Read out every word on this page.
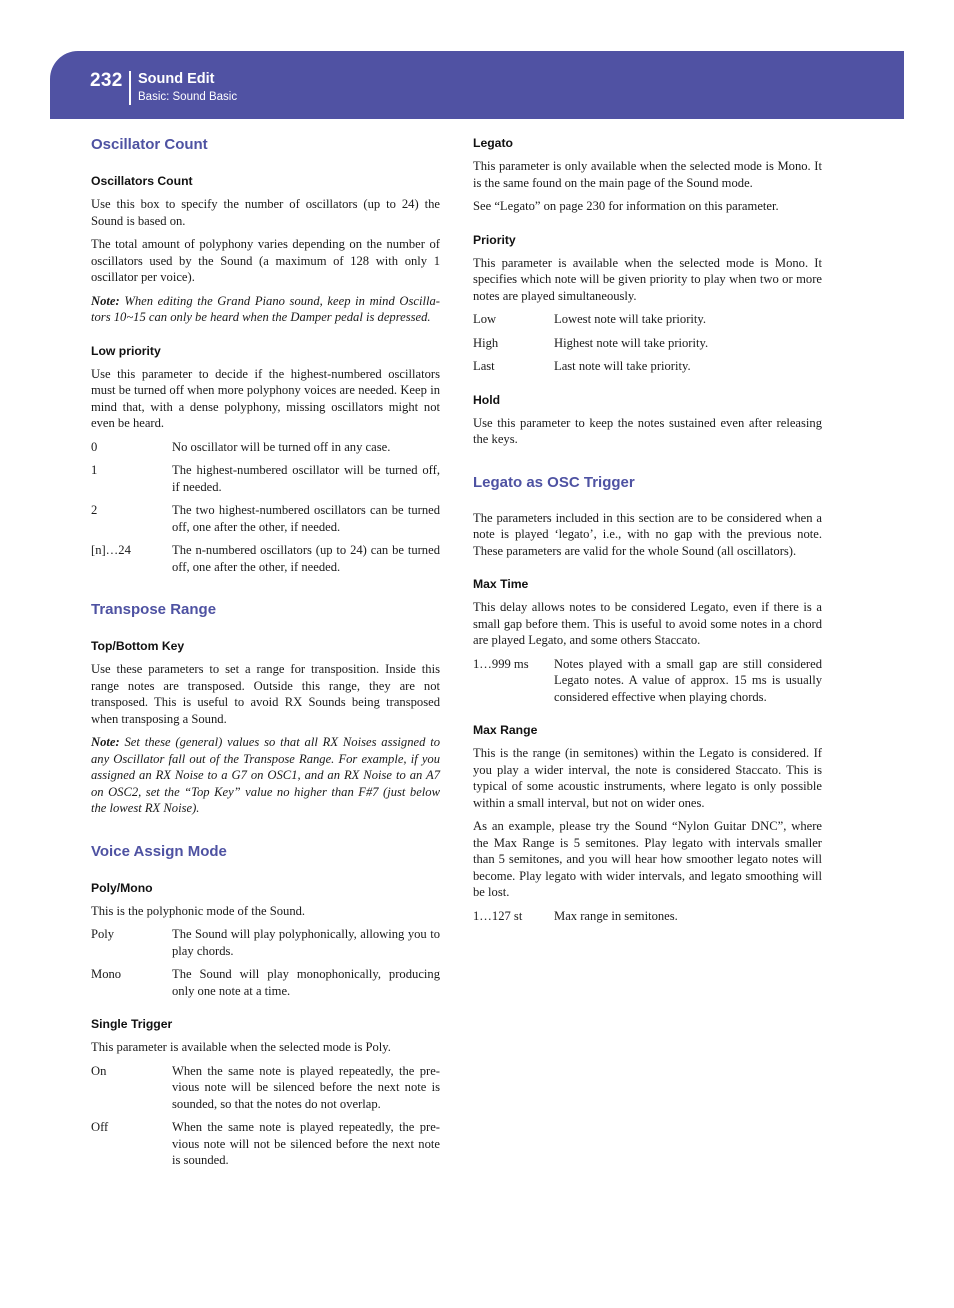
232 Sound Edit
Basic: Sound Basic
Oscillator Count
Oscillators Count

Use this box to specify the number of oscillators (up to 24) the Sound is based on.

The total amount of polyphony varies depending on the number of oscillators used by the Sound (a maximum of 128 with only 1 oscillator per voice).

Note: When editing the Grand Piano sound, keep in mind Oscillators 10~15 can only be heard when the Damper pedal is depressed.

Low priority

Use this parameter to decide if the highest-numbered oscillators must be turned off when more polyphony voices are needed. Keep in mind that, with a dense polyphony, missing oscillators might not even be heard.

0	No oscillator will be turned off in any case.
1	The highest-numbered oscillator will be turned off, if needed.
2	The two highest-numbered oscillators can be turned off, one after the other, if needed.
[n]…24	The n-numbered oscillators (up to 24) can be turned off, one after the other, if needed.
Transpose Range
Top/Bottom Key

Use these parameters to set a range for transposition. Inside this range notes are transposed. Outside this range, they are not transposed. This is useful to avoid RX Sounds being transposed when transposing a Sound.

Note: Set these (general) values so that all RX Noises assigned to any Oscillator fall out of the Transpose Range. For example, if you assigned an RX Noise to a G7 on OSC1, and an RX Noise to an A7 on OSC2, set the “Top Key” value no higher than F#7 (just below the lowest RX Noise).

Voice Assign Mode
Poly/Mono

This is the polyphonic mode of the Sound.

Poly	The Sound will play polyphonically, allowing you to play chords.
Mono	The Sound will play monophonically, producing only one note at a time.
Single Trigger

This parameter is available when the selected mode is Poly.

On	When the same note is played repeatedly, the previous note will be silenced before the next note is sounded, so that the notes do not overlap.
Off	When the same note is played repeatedly, the previous note will not be silenced before the next note is sounded.
Legato

This parameter is only available when the selected mode is Mono. It is the same found on the main page of the Sound mode.

See “Legato” on page 230 for information on this parameter.

Priority

This parameter is available when the selected mode is Mono. It specifies which note will be given priority to play when two or more notes are played simultaneously.

Low	Lowest note will take priority.
High	Highest note will take priority.
Last	Last note will take priority.
Hold

Use this parameter to keep the notes sustained even after releasing the keys.

Legato as OSC Trigger

The parameters included in this section are to be considered when a note is played ‘legato’, i.e., with no gap with the previous note. These parameters are valid for the whole Sound (all oscillators).

Max Time

This delay allows notes to be considered Legato, even if there is a small gap before them. This is useful to avoid some notes in a chord are played Legato, and some others Staccato.

1…999 ms	Notes played with a small gap are still considered Legato notes. A value of approx. 15 ms is usually considered effective when playing chords.
Max Range

This is the range (in semitones) within the Legato is considered. If you play a wider interval, the note is considered Staccato. This is typical of some acoustic instruments, where legato is only possible within a small interval, but not on wider ones.

As an example, please try the Sound “Nylon Guitar DNC”, where the Max Range is 5 semitones. Play legato with intervals smaller than 5 semitones, and you will hear how smoother legato notes will become. Play legato with wider intervals, and legato smoothing will be lost.

1…127 st	Max range in semitones.
